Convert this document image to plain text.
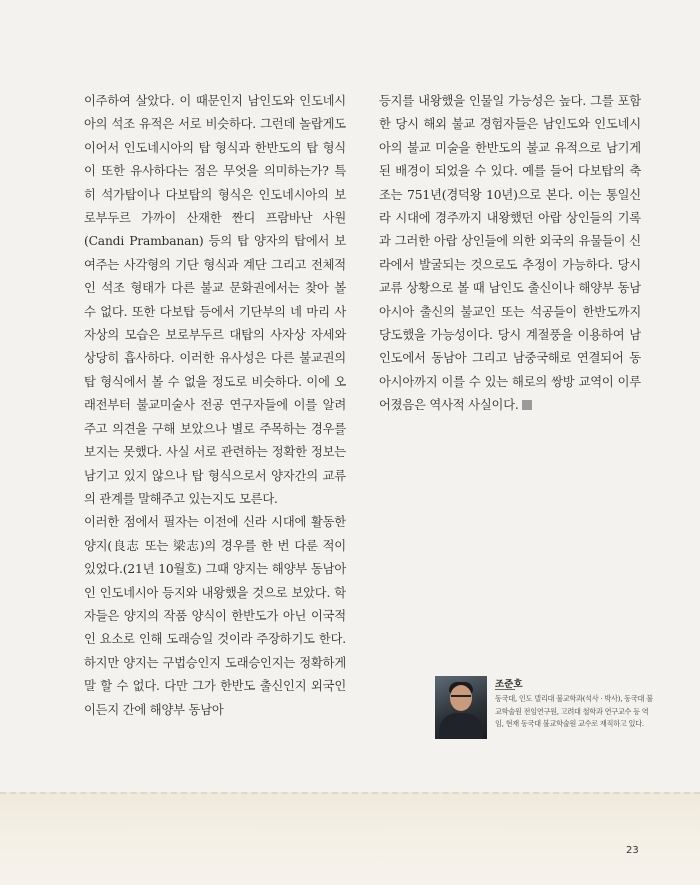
이주하여 살았다. 이 때문인지 남인도와 인도네시아의 석조 유적은 서로 비슷하다. 그런데 놀랍게도 이어서 인도네시아의 탑 형식과 한반도의 탑 형식이 또한 유사하다는 점은 무엇을 의미하는가? 특히 석가탑이나 다보탑의 형식은 인도네시아의 보로부두르 가까이 산재한 짠디 프람바난 사원(Candi Prambanan) 등의 탑 양자의 탑에서 보여주는 사각형의 기단 형식과 계단 그리고 전체적인 석조 형태가 다른 불교 문화권에서는 찾아 볼 수 없다. 또한 다보탑 등에서 기단부의 네 마리 사자상의 모습은 보로부두르 대탑의 사자상 자세와 상당히 흡사하다. 이러한 유사성은 다른 불교권의 탑 형식에서 볼 수 없을 정도로 비슷하다. 이에 오래전부터 불교미술사 전공 연구자들에 이를 알려 주고 의견을 구해 보았으나 별로 주목하는 경우를 보지는 못했다. 사실 서로 관련하는 정확한 정보는 남기고 있지 않으나 탑 형식으로서 양자간의 교류의 관계를 말해주고 있는지도 모른다.

이러한 점에서 필자는 이전에 신라 시대에 활동한 양지(良志 또는 梁志)의 경우를 한 번 다룬 적이 있었다.(21년 10월호) 그때 양지는 해양부 동남아인 인도네시아 등지와 내왕했을 것으로 보았다. 학자들은 양지의 작품 양식이 한반도가 아닌 이국적인 요소로 인해 도래승일 것이라 주장하기도 한다. 하지만 양지는 구법승인지 도래승인지는 정확하게 말 할 수 없다. 다만 그가 한반도 출신인지 외국인이든지 간에 해양부 동남아

등지를 내왕했을 인물일 가능성은 높다. 그를 포함한 당시 해외 불교 경험자들은 남인도와 인도네시아의 불교 미술을 한반도의 불교 유적으로 남기게 된 배경이 되었을 수 있다. 예를 들어 다보탑의 축조는 751년(경덕왕 10년)으로 본다. 이는 통일신라 시대에 경주까지 내왕했던 아랍 상인들의 기록과 그러한 아랍 상인들에 의한 외국의 유물들이 신라에서 발굴되는 것으로도 추정이 가능하다. 당시 교류 상황으로 볼 때 남인도 출신이나 해양부 동남아시아 출신의 불교인 또는 석공들이 한반도까지 당도했을 가능성이다. 당시 계절풍을 이용하여 남인도에서 동남아 그리고 남중국해로 연결되어 동아시아까지 이를 수 있는 해로의 쌍방 교역이 이루어졌음은 역사적 사실이다.

조준호
동국대, 인도 델리대 불교학과(석사 · 박사), 동국대 불교학술원 전임연구원, 고려대 철학과 연구교수 등 역임, 현재 동국대 불교학술원 교수로 재직하고 있다.
23
